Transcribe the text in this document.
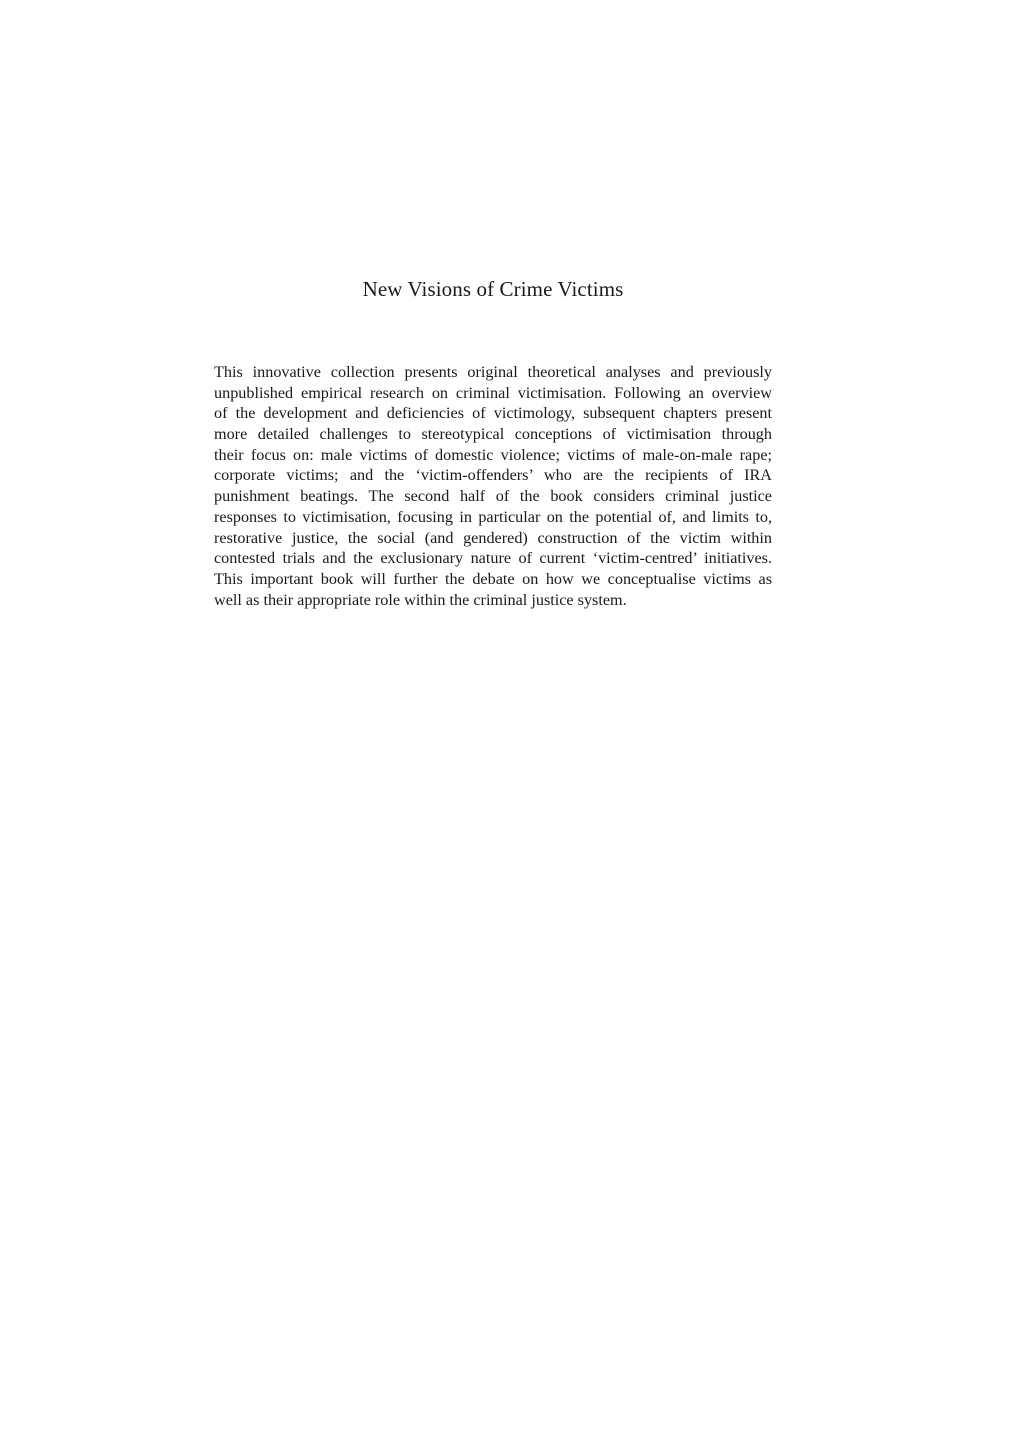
New Visions of Crime Victims
This innovative collection presents original theoretical analyses and previously
unpublished empirical research on criminal victimisation. Following an overview
of the development and deficiencies of victimology, subsequent chapters present
more detailed challenges to stereotypical conceptions of victimisation through
their focus on: male victims of domestic violence; victims of male-on-male rape;
corporate victims; and the ‘victim-offenders’ who are the recipients of IRA
punishment beatings. The second half of the book considers criminal justice
responses to victimisation, focusing in particular on the potential of, and limits to,
restorative justice, the social (and gendered) construction of the victim within
contested trials and the exclusionary nature of current ‘victim-centred’ initiatives.
This important book will further the debate on how we conceptualise victims as
well as their appropriate role within the criminal justice system.
